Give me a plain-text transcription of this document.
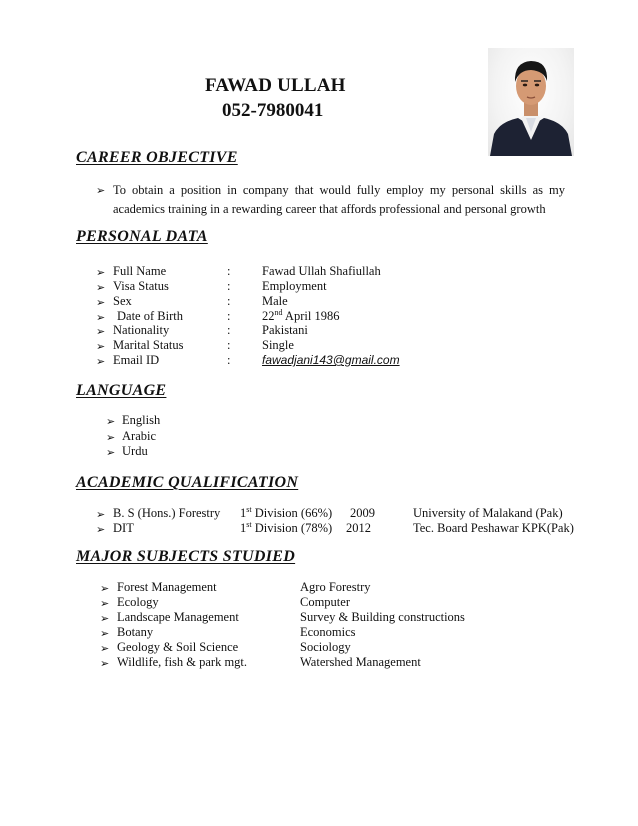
FAWAD ULLAH
052-7980041
CAREER OBJECTIVE
➢ To obtain a position in company that would fully employ my personal skills as my
academics training in a rewarding career that affords professional and personal growth
PERSONAL DATA
➢ Full Name	:	Fawad Ullah Shafiullah
➢ Visa Status	:	Employment
➢ Sex	:	Male
➢ Date of Birth	:	22nd April 1986
➢ Nationality	:	Pakistani
➢ Marital Status	:	Single
➢ Email ID	:	fawadjani143@gmail.com
LANGUAGE
➢ English
➢ Arabic
➢ Urdu
ACADEMIC QUALIFICATION
➢ B. S (Hons.) Forestry 1st Division (66%) 2009	University of Malakand (Pak)
➢ DIT	1st Division (78%) 2012	Tec. Board Peshawar KPK(Pak)
MAJOR SUBJECTS STUDIED
➢ Forest Management	Agro Forestry
➢ Ecology	Computer
➢ Landscape Management	Survey & Building constructions
➢ Botany	Economics
➢ Geology & Soil Science	Sociology
➢ Wildlife, fish & park mgt.	Watershed Management
